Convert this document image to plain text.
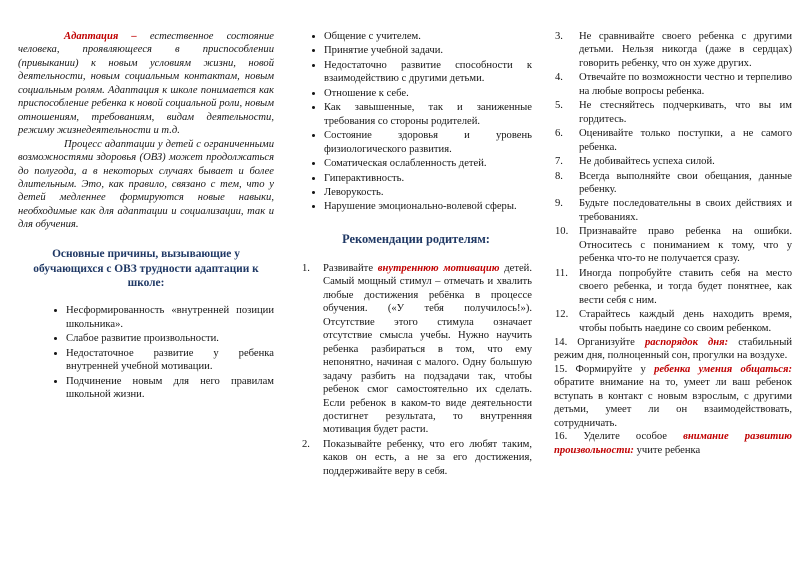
Адаптация – естественное состояние человека, проявляющееся в приспособлении (привыкании) к новым условиям жизни, новой деятельности, новым социальным контактам, новым социальным ролям. Адаптация к школе понимается как приспособление ребенка к новой социальной роли, новым отношениям, требованиям, видам деятельности, режиму жизнедеятельности и т.д.

Процесс адаптации у детей с ограниченными возможностями здоровья (ОВЗ) может продолжаться до полугода, а в некоторых случаях бывает и более длительным. Это, как правило, связано с тем, что у детей медленнее формируются новые навыки, необходимые как для адаптации и социализации, так и для обучения.

Основные причины, вызывающие у обучающихся с ОВЗ трудности адаптации к школе:
• Несформированность «внутренней позиции школьника».
• Слабое развитие произвольности.
• Недостаточное развитие у ребенка внутренней учебной мотивации.
• Подчинение новым для него правилам школьной жизни.
• Общение с учителем.
• Принятие учебной задачи.
• Недостаточно развитие способности к взаимодействию с другими детьми.
• Отношение к себе.
• Как завышенные, так и заниженные требования со стороны родителей.
• Состояние здоровья и уровень физиологического развития.
• Соматическая ослабленность детей.
• Гиперактивность.
• Леворукость.
• Нарушение эмоционально-волевой сферы.
Рекомендации родителям:
1. Развивайте внутреннюю мотивацию детей. Самый мощный стимул – отмечать и хвалить любые достижения ребёнка в процессе обучения. («У тебя получилось!»). Отсутствие этого стимула означает отсутствие смысла учебы. Нужно научить ребенка разбираться в том, что ему непонятно, начиная с малого. Одну большую задачу разбить на подзадачи так, чтобы ребенок смог самостоятельно их сделать. Если ребенок в каком-то виде деятельности достигнет результата, то внутренняя мотивация будет расти.
2. Показывайте ребенку, что его любят таким, каков он есть, а не за его достижения, поддерживайте веру в себя.
3. Не сравнивайте своего ребенка с другими детьми. Нельзя никогда (даже в сердцах) говорить ребенку, что он хуже других.
4. Отвечайте по возможности честно и терпеливо на любые вопросы ребенка.
5. Не стесняйтесь подчеркивать, что вы им гордитесь.
6. Оценивайте только поступки, а не самого ребенка.
7. Не добивайтесь успеха силой.
8. Всегда выполняйте свои обещания, данные ребенку.
9. Будьте последовательны в своих действиях и требованиях.
10. Признавайте право ребенка на ошибки. Относитесь с пониманием к тому, что у ребенка что-то не получается сразу.
11. Иногда попробуйте ставить себя на место своего ребенка, и тогда будет понятнее, как вести себя с ним.
12. Старайтесь каждый день находить время, чтобы побыть наедине со своим ребенком.

14. Организуйте распорядок дня: стабильный режим дня, полноценный сон, прогулки на воздухе.

15. Формируйте у ребенка умения общаться: обратите внимание на то, умеет ли ваш ребенок вступать в контакт с новым взрослым, с другими детьми, умеет ли он взаимодействовать, сотрудничать.

16. Уделите особое внимание развитию произвольности: учите ребенка
